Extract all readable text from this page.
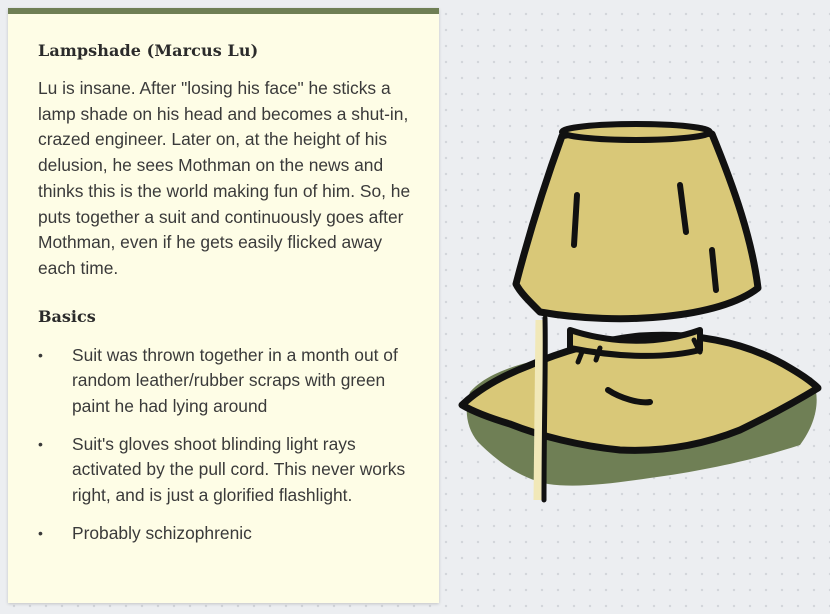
Lampshade (Marcus Lu)

Lu is insane. After "losing his face" he sticks a lamp shade on his head and becomes a shut-in, crazed engineer. Later on, at the height of his delusion, he sees Mothman on the news and thinks this is the world making fun of him. So, he puts together a suit and continuously goes after Mothman, even if he gets easily flicked away each time.

Basics
• Suit was thrown together in a month out of random leather/rubber scraps with green paint he had lying around
• Suit's gloves shoot blinding light rays activated by the pull cord. This never works right, and is just a glorified flashlight.
• Probably schizophrenic
